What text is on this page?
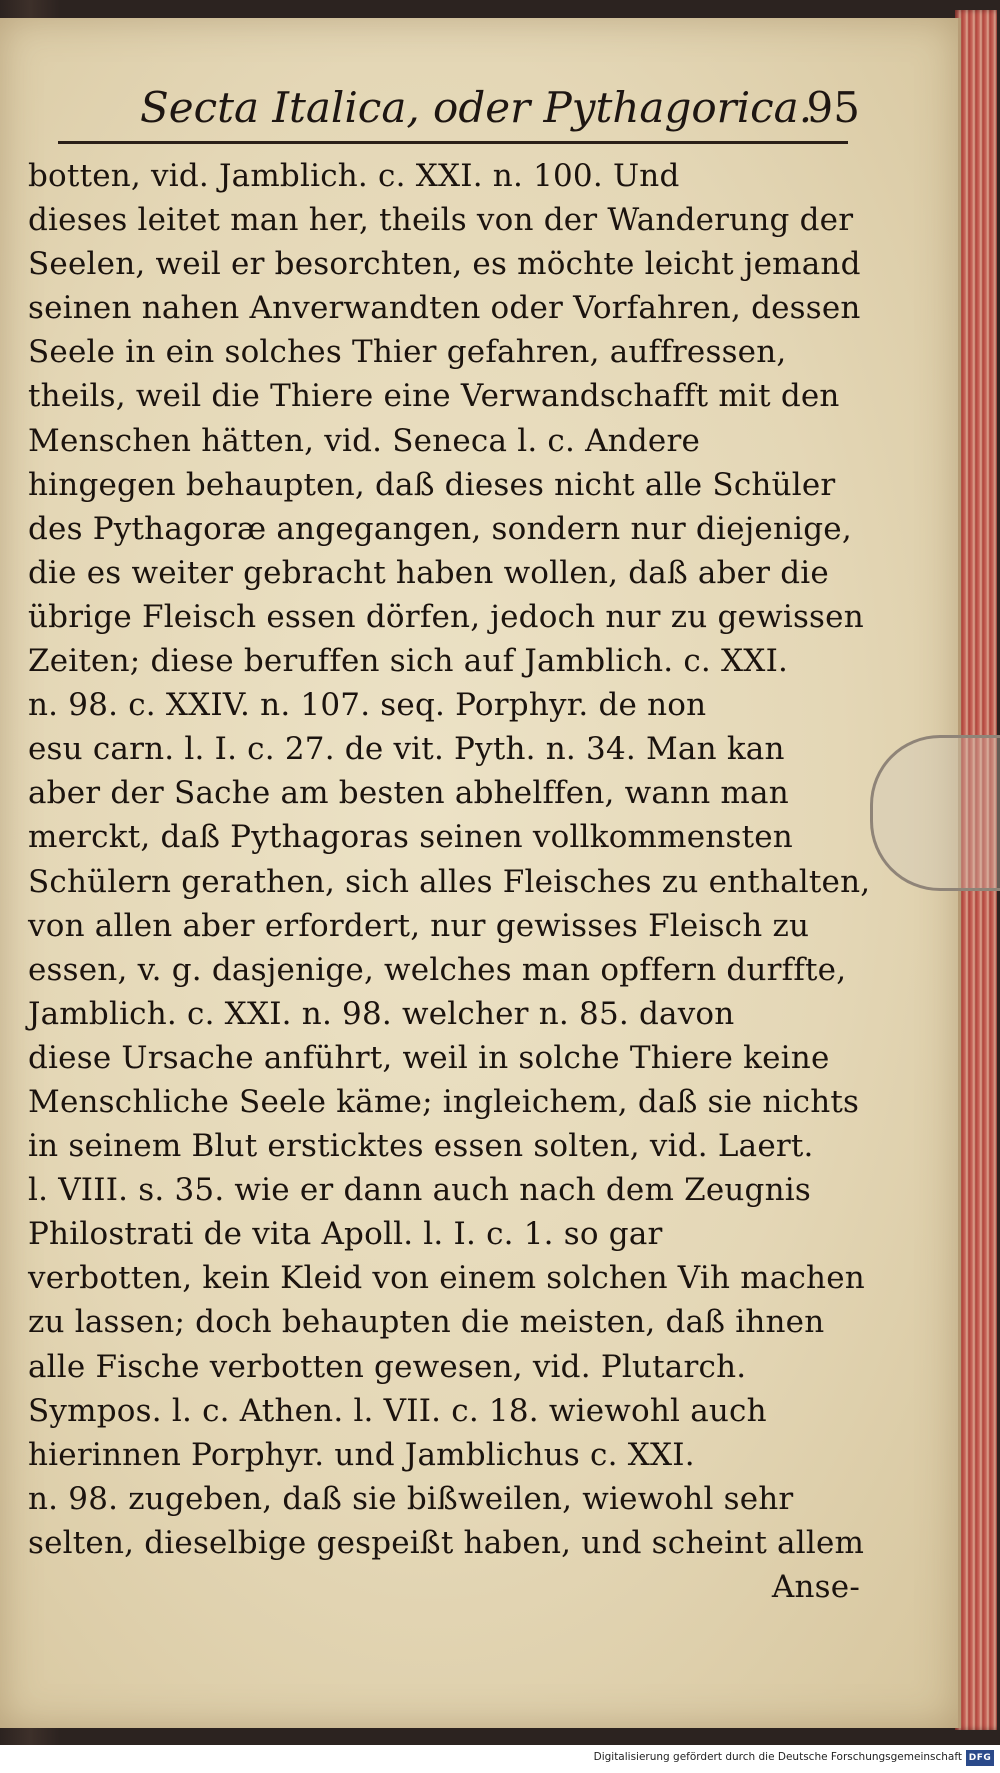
Secta Italica, oder Pythagorica.
95
botten, vid. Jamblich. c. XXI. n. 100. Und
dieses leitet man her, theils von der Wanderung der
Seelen, weil er besorchten, es möchte leicht jemand
seinen nahen Anverwandten oder Vorfahren, dessen
Seele in ein solches Thier gefahren, auffressen,
theils, weil die Thiere eine Verwandschafft mit den
Menschen hätten, vid. Seneca l. c. Andere
hingegen behaupten, daß dieses nicht alle Schüler
des Pythagoræ angegangen, sondern nur diejenige,
die es weiter gebracht haben wollen, daß aber die
übrige Fleisch essen dörfen, jedoch nur zu gewissen
Zeiten; diese beruffen sich auf Jamblich. c. XXI.
n. 98. c. XXIV. n. 107. seq. Porphyr. de non
esu carn. l. I. c. 27. de vit. Pyth. n. 34. Man kan
aber der Sache am besten abhelffen, wann man
merckt, daß Pythagoras seinen vollkommensten
Schülern gerathen, sich alles Fleisches zu enthalten,
von allen aber erfordert, nur gewisses Fleisch zu
essen, v. g. dasjenige, welches man opffern durffte,
Jamblich. c. XXI. n. 98. welcher n. 85. davon
diese Ursache anführt, weil in solche Thiere keine
Menschliche Seele käme; ingleichem, daß sie nichts
in seinem Blut ersticktes essen solten, vid. Laert.
l. VIII. s. 35. wie er dann auch nach dem Zeugnis
Philostrati de vita Apoll. l. I. c. 1. so gar
verbotten, kein Kleid von einem solchen Vih machen
zu lassen; doch behaupten die meisten, daß ihnen
alle Fische verbotten gewesen, vid. Plutarch.
Sympos. l. c. Athen. l. VII. c. 18. wiewohl auch
hierinnen Porphyr. und Jamblichus c. XXI.
n. 98. zugeben, daß sie bißweilen, wiewohl sehr
selten, dieselbige gespeißt haben, und scheint allem
Anse-
Digitalisierung gefördert durch die Deutsche Forschungsgemeinschaft DFG
